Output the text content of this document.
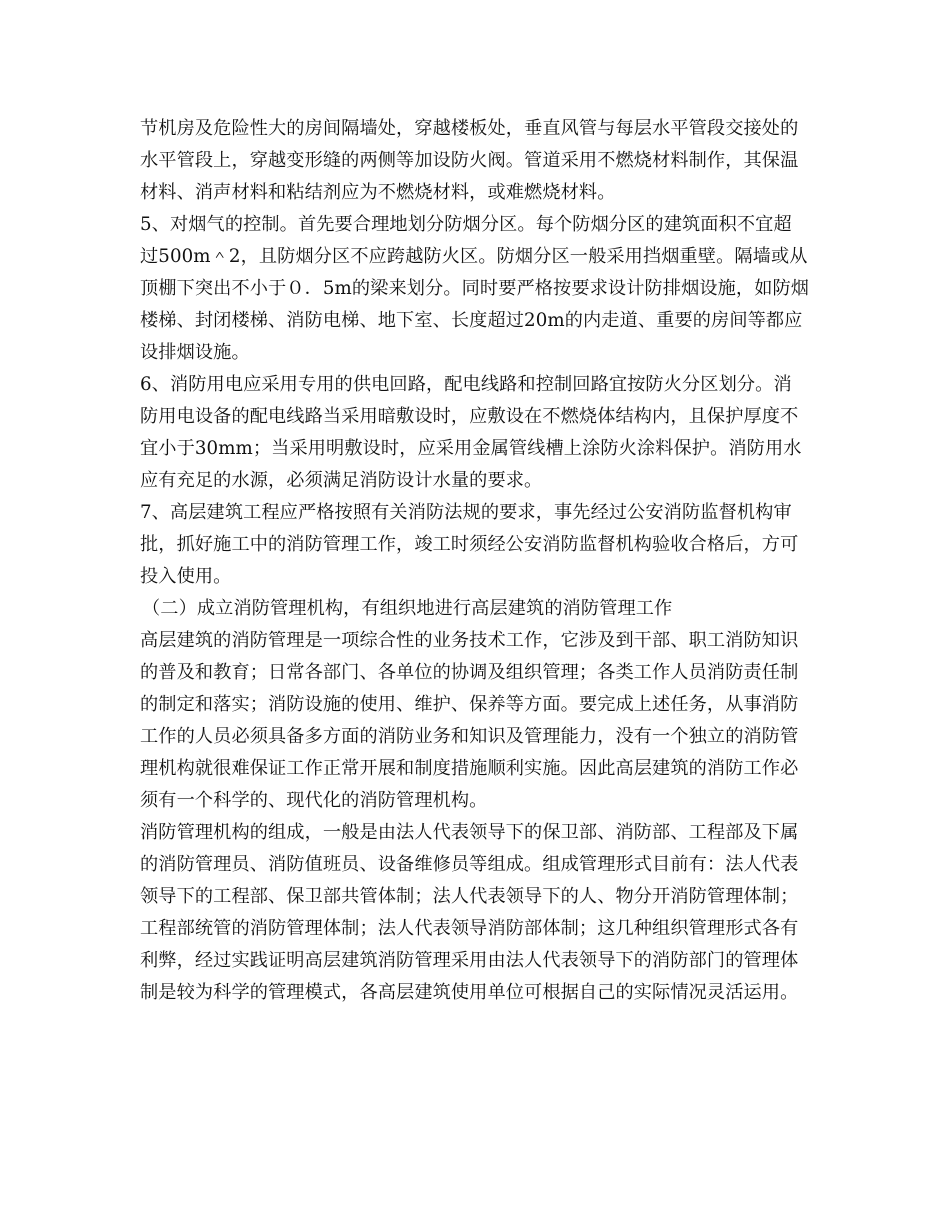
节机房及危险性大的房间隔墙处，穿越楼板处，垂直风管与每层水平管段交接处的
水平管段上，穿越变形缝的两侧等加设防火阀。管道采用不燃烧材料制作，其保温
材料、消声材料和粘结剂应为不燃烧材料，或难燃烧材料。
5、对烟气的控制。首先要合理地划分防烟分区。每个防烟分区的建筑面积不宜超
过500m＾2，且防烟分区不应跨越防火区。防烟分区一般采用挡烟重壁。隔墙或从
顶棚下突出不小于０．5m的梁来划分。同时要严格按要求设计防排烟设施，如防烟
楼梯、封闭楼梯、消防电梯、地下室、长度超过20m的内走道、重要的房间等都应
设排烟设施。
6、消防用电应采用专用的供电回路，配电线路和控制回路宜按防火分区划分。消
防用电设备的配电线路当采用暗敷设时，应敷设在不燃烧体结构内，且保护厚度不
宜小于30mm；当采用明敷设时，应采用金属管线槽上涂防火涂料保护。消防用水
应有充足的水源，必须满足消防设计水量的要求。
7、高层建筑工程应严格按照有关消防法规的要求，事先经过公安消防监督机构审
批，抓好施工中的消防管理工作，竣工时须经公安消防监督机构验收合格后，方可
投入使用。
（二）成立消防管理机构，有组织地进行高层建筑的消防管理工作
高层建筑的消防管理是一项综合性的业务技术工作，它涉及到干部、职工消防知识
的普及和教育；日常各部门、各单位的协调及组织管理；各类工作人员消防责任制
的制定和落实；消防设施的使用、维护、保养等方面。要完成上述任务，从事消防
工作的人员必须具备多方面的消防业务和知识及管理能力，没有一个独立的消防管
理机构就很难保证工作正常开展和制度措施顺利实施。因此高层建筑的消防工作必
须有一个科学的、现代化的消防管理机构。
消防管理机构的组成，一般是由法人代表领导下的保卫部、消防部、工程部及下属
的消防管理员、消防值班员、设备维修员等组成。组成管理形式目前有：法人代表
领导下的工程部、保卫部共管体制；法人代表领导下的人、物分开消防管理体制；
工程部统管的消防管理体制；法人代表领导消防部体制；这几种组织管理形式各有
利弊，经过实践证明高层建筑消防管理采用由法人代表领导下的消防部门的管理体
制是较为科学的管理模式，各高层建筑使用单位可根据自己的实际情况灵活运用。
